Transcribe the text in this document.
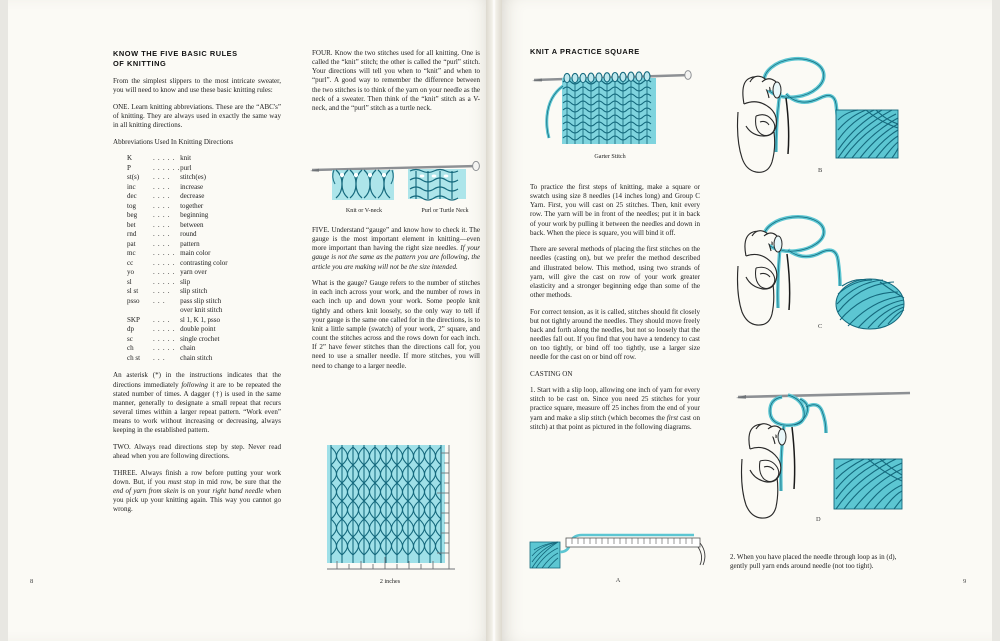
KNOW THE FIVE BASIC RULES
OF KNITTING

From the simplest slippers to the most intricate sweater, you will need to know and use these basic knitting rules:

ONE. Learn knitting abbreviations. These are the “ABC's” of knitting. They are always used in exactly the same way in all knitting directions.

Abbreviations Used In Knitting Directions

K	. . . . .	knit
P	. . . . . .	purl
st(s)	. . . .	stitch(es)
inc	. . . .	increase
dec	. . . .	decrease
tog	. . . .	together
beg	. . . .	beginning
bet	. . . .	between
rnd	. . . .	round
pat	. . . .	pattern
mc	. . . . .	main color
cc	. . . . .	contrasting color
yo	. . . . .	yarn over
sl	. . . . .	slip
sl st	. . . .	slip stitch
psso	. . .	pass slip stitch
		over knit stitch
SKP	. . . .	sl 1, K 1, psso
dp	. . . . .	double point
sc	. . . . .	single crochet
ch	. . . . .	chain
ch st	. . .	chain stitch

An asterisk (*) in the instructions indicates that the directions immediately following it are to be repeated the stated number of times. A dagger (†) is used in the same manner, generally to designate a small repeat that recurs several times within a larger repeat pattern. “Work even” means to work without increasing or decreasing, always keeping in the established pattern.

TWO. Always read directions step by step. Never read ahead when you are following directions.

THREE. Always finish a row before putting your work down. But, if you must stop in mid row, be sure that the end of yarn from skein is on your right hand needle when you pick up your knitting again. This way you cannot go wrong.

FOUR. Know the two stitches used for all knitting. One is called the “knit” stitch; the other is called the “purl” stitch. Your directions will tell you when to “knit” and when to “purl”. A good way to remember the difference between the two stitches is to think of the yarn on your needle as the neck of a sweater. Then think of the “knit” stitch as a V-neck, and the “purl” stitch as a turtle neck.

Knit or V-neck	Purl or Turtle Neck

FIVE. Understand “gauge” and know how to check it. The gauge is the most important element in knitting—even more important than having the right size needles. If your gauge is not the same as the pattern you are following, the article you are making will not be the size intended.

What is the gauge? Gauge refers to the number of stitches in each inch across your work, and the number of rows in each inch up and down your work. Some people knit tightly and others knit loosely, so the only way to tell if your gauge is the same one called for in the directions, is to knit a little sample (swatch) of your work, 2” square, and count the stitches across and the rows down for each inch. If 2” have fewer stitches than the directions call for, you need to use a smaller needle. If more stitches, you will need to change to a larger needle.

2 inches
8
KNIT A PRACTICE SQUARE
Garter Stitch

To practice the first steps of knitting, make a square or swatch using size 8 needles (14 inches long) and Group C Yarn. First, you will cast on 25 stitches. Then, knit every row. The yarn will be in front of the needles; put it in back of your work by pulling it between the needles and down in back. When the piece is square, you will bind it off.

There are several methods of placing the first stitches on the needles (casting on), but we prefer the method described and illustrated below. This method, using two strands of yarn, will give the cast on row of your work greater elasticity and a stronger beginning edge than some of the other methods.

For correct tension, as it is called, stitches should fit closely but not tightly around the needles. They should move freely back and forth along the needles, but not so loosely that the needles fall out. If you find that you have a tendency to cast on too tightly, or bind off too tightly, use a larger size needle for the cast on or bind off row.

CASTING ON

1. Start with a slip loop, allowing one inch of yarn for every stitch to be cast on. Since you need 25 stitches for your practice square, measure off 25 inches from the end of your yarn and make a slip stitch (which becomes the first cast on stitch) at that point as pictured in the following diagrams.

A
B
C
D

2. When you have placed the needle through loop as in (d), gently pull yarn ends around needle (not too tight).

9
